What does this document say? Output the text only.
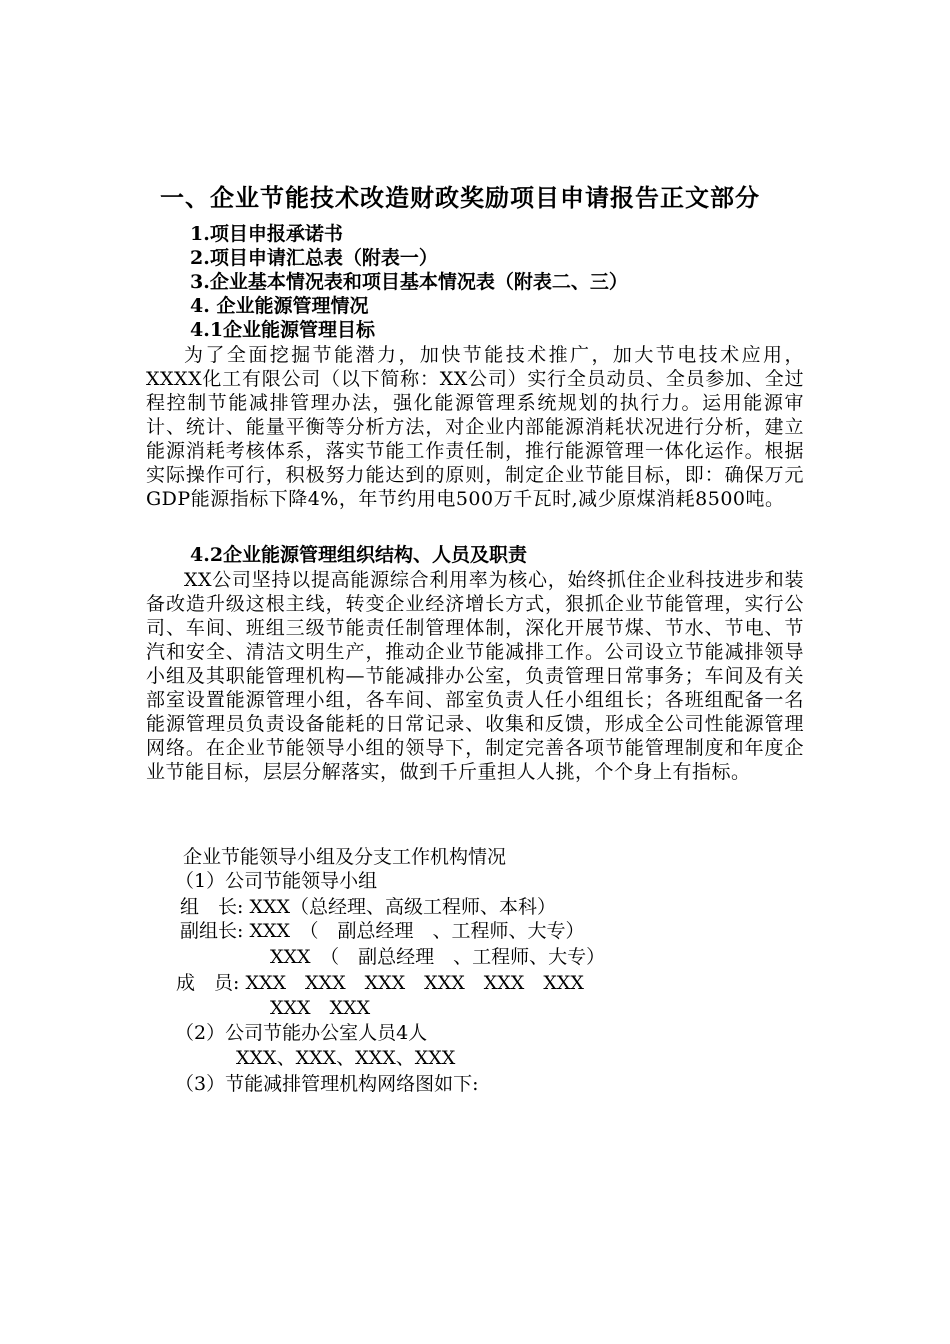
一、企业节能技术改造财政奖励项目申请报告正文部分
1.项目申报承诺书
2.项目申请汇总表（附表一）
3.企业基本情况表和项目基本情况表（附表二、三）
4. 企业能源管理情况
4.1企业能源管理目标
为了全面挖掘节能潜力，加快节能技术推广，加大节电技术应用，XXXX化工有限公司（以下简称：XX公司）实行全员动员、全员参加、全过程控制节能减排管理办法，强化能源管理系统规划的执行力。运用能源审计、统计、能量平衡等分析方法，对企业内部能源消耗状况进行分析，建立能源消耗考核体系，落实节能工作责任制，推行能源管理一体化运作。根据实际操作可行，积极努力能达到的原则，制定企业节能目标，即：确保万元GDP能源指标下降4%，年节约用电500万千瓦时,减少原煤消耗8500吨。
4.2企业能源管理组织结构、人员及职责
XX公司坚持以提高能源综合利用率为核心，始终抓住企业科技进步和装备改造升级这根主线，转变企业经济增长方式，狠抓企业节能管理，实行公司、车间、班组三级节能责任制管理体制，深化开展节煤、节水、节电、节汽和安全、清洁文明生产，推动企业节能减排工作。公司设立节能减排领导小组及其职能管理机构—节能减排办公室，负责管理日常事务；车间及有关部室设置能源管理小组，各车间、部室负责人任小组组长；各班组配备一名能源管理员负责设备能耗的日常记录、收集和反馈，形成全公司性能源管理网络。在企业节能领导小组的领导下，制定完善各项节能管理制度和年度企业节能目标，层层分解落实，做到千斤重担人人挑，个个身上有指标。
企业节能领导小组及分支工作机构情况
（1）公司节能领导小组
组　长: XXX（总经理、高级工程师、本科）
副组长: XXX　（　副总经理　、工程师、大专）
XXX　（　副总经理　、工程师、大专）
成　员: XXX　XXX　XXX　XXX　XXX　XXX
XXX　XXX
（2）公司节能办公室人员4人
XXX、XXX、XXX、XXX
（3）节能减排管理机构网络图如下:
